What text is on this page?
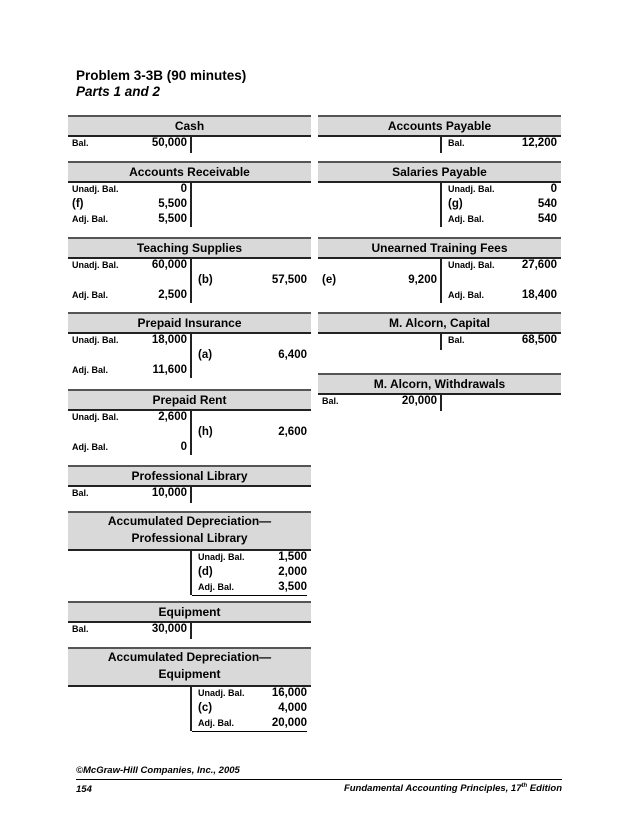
Problem 3-3B (90 minutes)
Parts 1 and 2
Cash
Bal.	50,000
Accounts Receivable
Unadj. Bal.	0
(f)	5,500
Adj. Bal.	5,500
Teaching Supplies
Unadj. Bal.	60,000
(b)	57,500
Adj. Bal.	2,500
Prepaid Insurance
Unadj. Bal.	18,000
(a)	6,400
Adj. Bal.	11,600
Prepaid Rent
Unadj. Bal.	2,600
(h)	2,600
Adj. Bal.	0
Professional Library
Bal.	10,000
Accumulated Depreciation—
Professional Library
Unadj. Bal.	1,500
(d)	2,000
Adj. Bal.	3,500
Equipment
Bal.	30,000
Accumulated Depreciation—
Equipment
Unadj. Bal.	16,000
(c)	4,000
Adj. Bal.	20,000
Accounts Payable
Bal.	12,200
Salaries Payable
Unadj. Bal.	0
(g)	540
Adj. Bal.	540
Unearned Training Fees
Unadj. Bal.	27,600
(e)	9,200
Adj. Bal.	18,400
M. Alcorn, Capital
Bal.	68,500
M. Alcorn, Withdrawals
Bal.	20,000
©McGraw-Hill Companies, Inc., 2005
154	Fundamental Accounting Principles, 17th Edition
